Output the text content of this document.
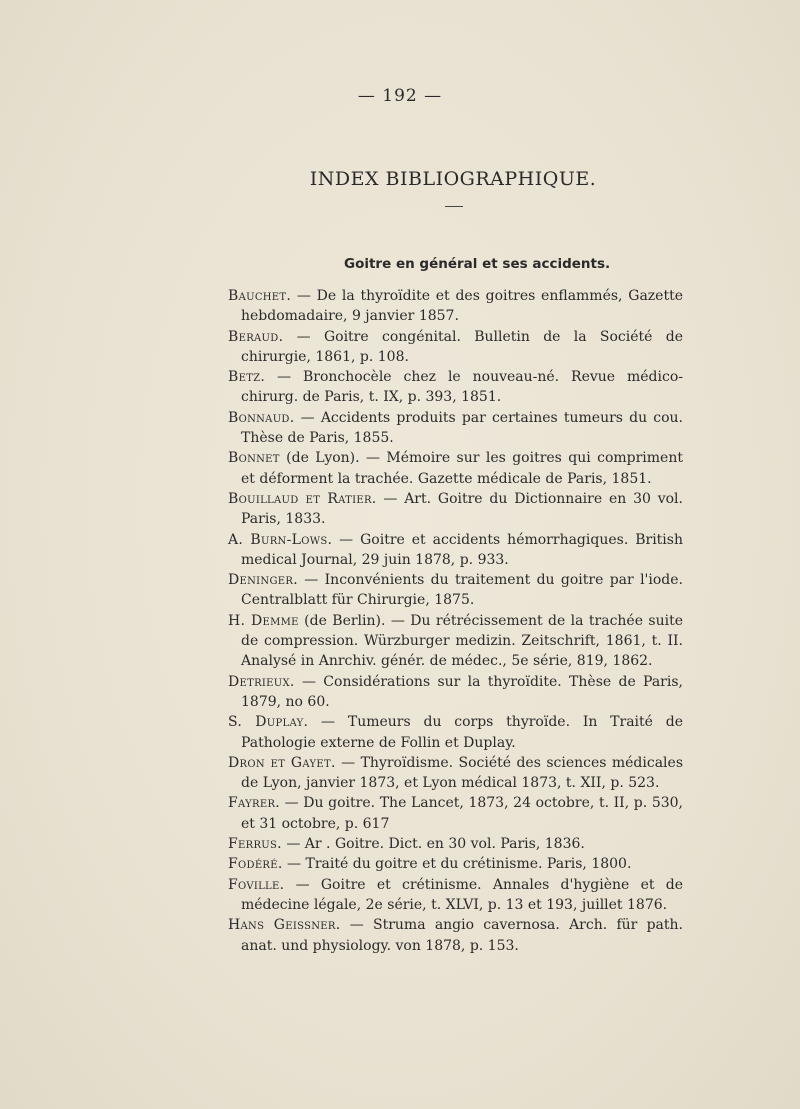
— 192 —
INDEX BIBLIOGRAPHIQUE.
Goitre en général et ses accidents.
Bauchet. — De la thyroïdite et des goitres enflammés, Gazette hebdomadaire, 9 janvier 1857.
Beraud. — Goitre congénital. Bulletin de la Société de chirurgie, 1861, p. 108.
Betz. — Bronchocèle chez le nouveau-né. Revue médico-chirurg. de Paris, t. IX, p. 393, 1851.
Bonnaud. — Accidents produits par certaines tumeurs du cou. Thèse de Paris, 1855.
Bonnet (de Lyon). — Mémoire sur les goitres qui compriment et déforment la trachée. Gazette médicale de Paris, 1851.
Bouillaud et Ratier. — Art. Goitre du Dictionnaire en 30 vol. Paris, 1833.
A. Burn-Lows. — Goitre et accidents hémorrhagiques. British medical Journal, 29 juin 1878, p. 933.
Deninger. — Inconvénients du traitement du goitre par l'iode. Centralblatt für Chirurgie, 1875.
H. Demme (de Berlin). — Du rétrécissement de la trachée suite de compression. Würzburger medizin. Zeitschrift, 1861, t. II. Analysé in Anrchiv. génér. de médec., 5e série, 819, 1862.
Detrieux. — Considérations sur la thyroïdite. Thèse de Paris, 1879, no 60.
S. Duplay. — Tumeurs du corps thyroïde. In Traité de Pathologie externe de Follin et Duplay.
Dron et Gayet. — Thyroïdisme. Société des sciences médicales de Lyon, janvier 1873, et Lyon médical 1873, t. XII, p. 523.
Fayrer. — Du goitre. The Lancet, 1873, 24 octobre, t. II, p. 530, et 31 octobre, p. 617
Ferrus. — Ar . Goitre. Dict. en 30 vol. Paris, 1836.
Fodéré. — Traité du goitre et du crétinisme. Paris, 1800.
Foville. — Goitre et crétinisme. Annales d'hygiène et de médecine légale, 2e série, t. XLVI, p. 13 et 193, juillet 1876.
Hans Geissner. — Struma angio cavernosa. Arch. für path. anat. und physiology. von 1878, p. 153.
